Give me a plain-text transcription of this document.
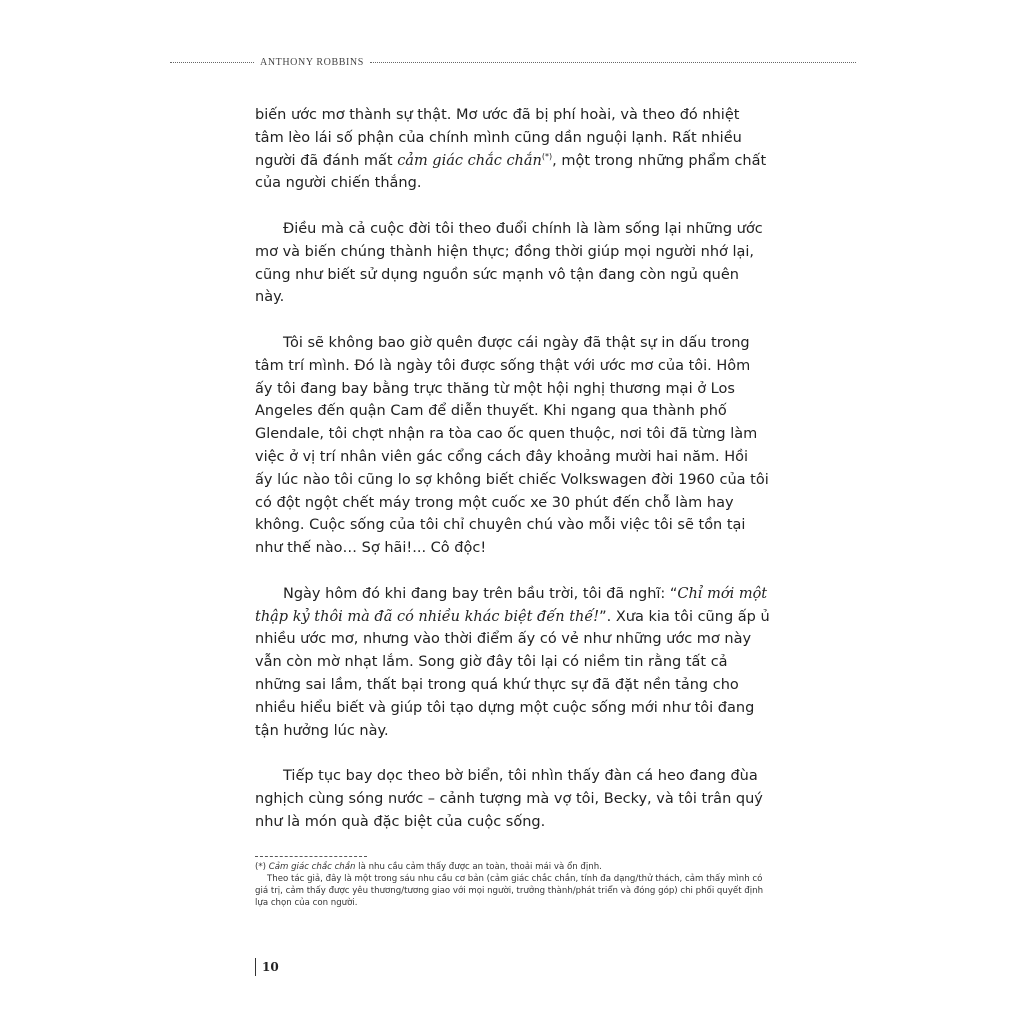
ANTHONY ROBBINS

biến ước mơ thành sự thật. Mơ ước đã bị phí hoài, và theo đó nhiệt tâm lèo lái số phận của chính mình cũng dần nguội lạnh. Rất nhiều người đã đánh mất cảm giác chắc chắn(*), một trong những phẩm chất của người chiến thắng.

Điều mà cả cuộc đời tôi theo đuổi chính là làm sống lại những ước mơ và biến chúng thành hiện thực; đồng thời giúp mọi người nhớ lại, cũng như biết sử dụng nguồn sức mạnh vô tận đang còn ngủ quên này.

Tôi sẽ không bao giờ quên được cái ngày đã thật sự in dấu trong tâm trí mình. Đó là ngày tôi được sống thật với ước mơ của tôi. Hôm ấy tôi đang bay bằng trực thăng từ một hội nghị thương mại ở Los Angeles đến quận Cam để diễn thuyết. Khi ngang qua thành phố Glendale, tôi chợt nhận ra tòa cao ốc quen thuộc, nơi tôi đã từng làm việc ở vị trí nhân viên gác cổng cách đây khoảng mười hai năm. Hồi ấy lúc nào tôi cũng lo sợ không biết chiếc Volkswagen đời 1960 của tôi có đột ngột chết máy trong một cuốc xe 30 phút đến chỗ làm hay không. Cuộc sống của tôi chỉ chuyên chú vào mỗi việc tôi sẽ tồn tại như thế nào… Sợ hãi!... Cô độc!

Ngày hôm đó khi đang bay trên bầu trời, tôi đã nghĩ: “Chỉ mới một thập kỷ thôi mà đã có nhiều khác biệt đến thế!”. Xưa kia tôi cũng ấp ủ nhiều ước mơ, nhưng vào thời điểm ấy có vẻ như những ước mơ này vẫn còn mờ nhạt lắm. Song giờ đây tôi lại có niềm tin rằng tất cả những sai lầm, thất bại trong quá khứ thực sự đã đặt nền tảng cho nhiều hiểu biết và giúp tôi tạo dựng một cuộc sống mới như tôi đang tận hưởng lúc này.

Tiếp tục bay dọc theo bờ biển, tôi nhìn thấy đàn cá heo đang đùa nghịch cùng sóng nước – cảnh tượng mà vợ tôi, Becky, và tôi trân quý như là món quà đặc biệt của cuộc sống.

(*) Cảm giác chắc chắn là nhu cầu cảm thấy được an toàn, thoải mái và ổn định.

Theo tác giả, đây là một trong sáu nhu cầu cơ bản (cảm giác chắc chắn, tính đa dạng/thử thách, cảm thấy mình có giá trị, cảm thấy được yêu thương/tương giao với mọi người, trưởng thành/phát triển và đóng góp) chi phối quyết định lựa chọn của con người.

10
